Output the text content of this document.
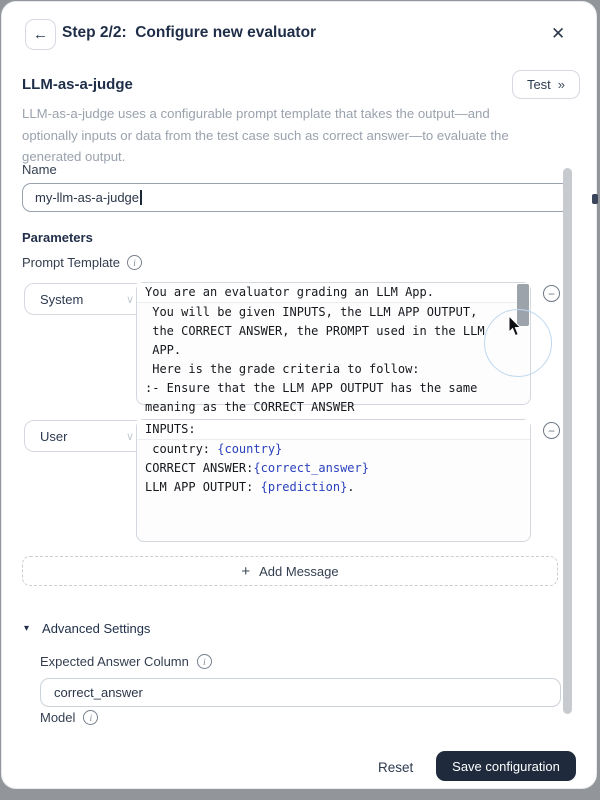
← Step 2/2:  Configure new evaluator	✕
LLM-as-a-judge	Test »
LLM-as-a-judge uses a configurable prompt template that takes the output—and optionally inputs or data from the test case such as correct answer—to evaluate the generated output.
Name
my-llm-as-a-judge
Parameters
Prompt Template	i
System	∨
You are an evaluator grading an LLM App.
You will be given INPUTS, the LLM APP OUTPUT,
the CORRECT ANSWER, the PROMPT used in the LLM
APP.
Here is the grade criteria to follow:
:- Ensure that the LLM APP OUTPUT has the same
meaning as the CORRECT ANSWER
−
User	∨
INPUTS:
country: {country}
CORRECT ANSWER:{correct_answer}
LLM APP OUTPUT: {prediction}.
−
+ Add Message
▾ Advanced Settings
Expected Answer Column	i
correct_answer
Model	i
Reset	Save configuration
